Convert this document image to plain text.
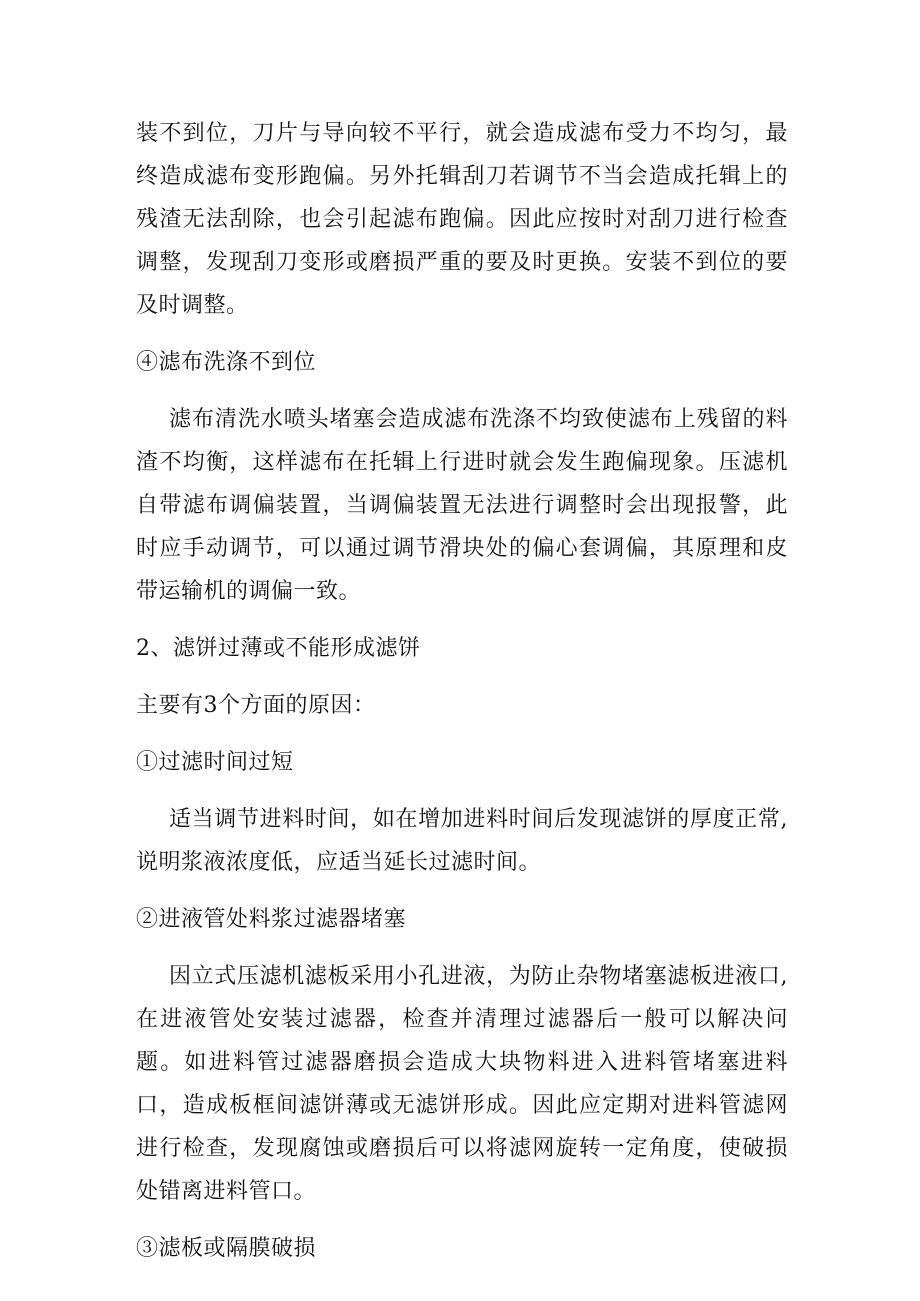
装不到位，刀片与导向较不平行，就会造成滤布受力不均匀，最终造成滤布变形跑偏。另外托辑刮刀若调节不当会造成托辑上的残渣无法刮除，也会引起滤布跑偏。因此应按时对刮刀进行检查调整，发现刮刀变形或磨损严重的要及时更换。安装不到位的要及时调整。

④滤布洗涤不到位

滤布清洗水喷头堵塞会造成滤布洗涤不均致使滤布上残留的料渣不均衡，这样滤布在托辑上行进时就会发生跑偏现象。压滤机自带滤布调偏装置，当调偏装置无法进行调整时会出现报警，此时应手动调节，可以通过调节滑块处的偏心套调偏，其原理和皮带运输机的调偏一致。

2、滤饼过薄或不能形成滤饼

主要有3个方面的原因：

①过滤时间过短

适当调节进料时间，如在增加进料时间后发现滤饼的厚度正常,说明浆液浓度低，应适当延长过滤时间。

②进液管处料浆过滤器堵塞

因立式压滤机滤板采用小孔进液，为防止杂物堵塞滤板进液口,在进液管处安装过滤器，检查并清理过滤器后一般可以解决问题。如进料管过滤器磨损会造成大块物料进入进料管堵塞进料口，造成板框间滤饼薄或无滤饼形成。因此应定期对进料管滤网进行检查，发现腐蚀或磨损后可以将滤网旋转一定角度，使破损处错离进料管口。

③滤板或隔膜破损
